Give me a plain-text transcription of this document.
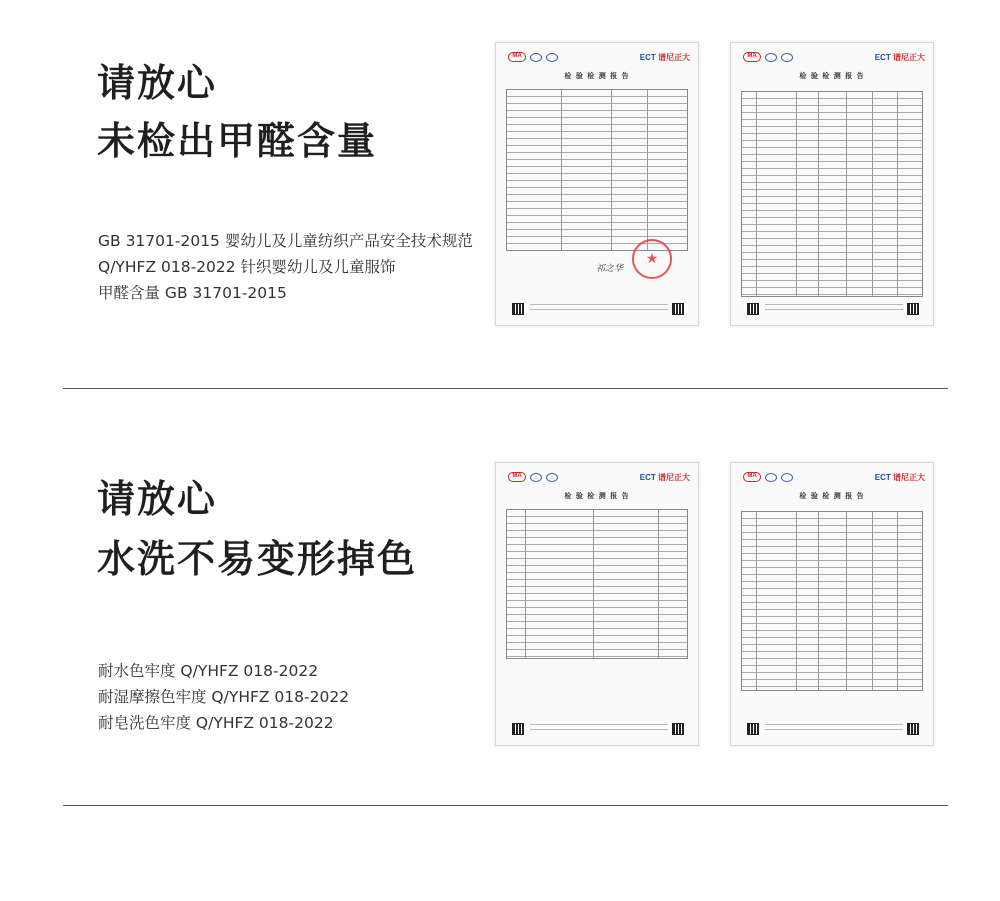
请放心
未检出甲醛含量
GB 31701-2015 婴幼儿及儿童纺织产品安全技术规范
Q/YHFZ 018-2022 针织婴幼儿及儿童服饰
甲醛含量 GB 31701-2015
MA	ECT 谱尼正大
检 验 检 测 报 告
祁之华
★
MA	ECT 谱尼正大
检 验 检 测 报 告
请放心
水洗不易变形掉色
耐水色牢度 Q/YHFZ 018-2022
耐湿摩擦色牢度 Q/YHFZ 018-2022
耐皂洗色牢度 Q/YHFZ 018-2022
MA	ECT 谱尼正大
检 验 检 测 报 告
MA	ECT 谱尼正大
检 验 检 测 报 告
